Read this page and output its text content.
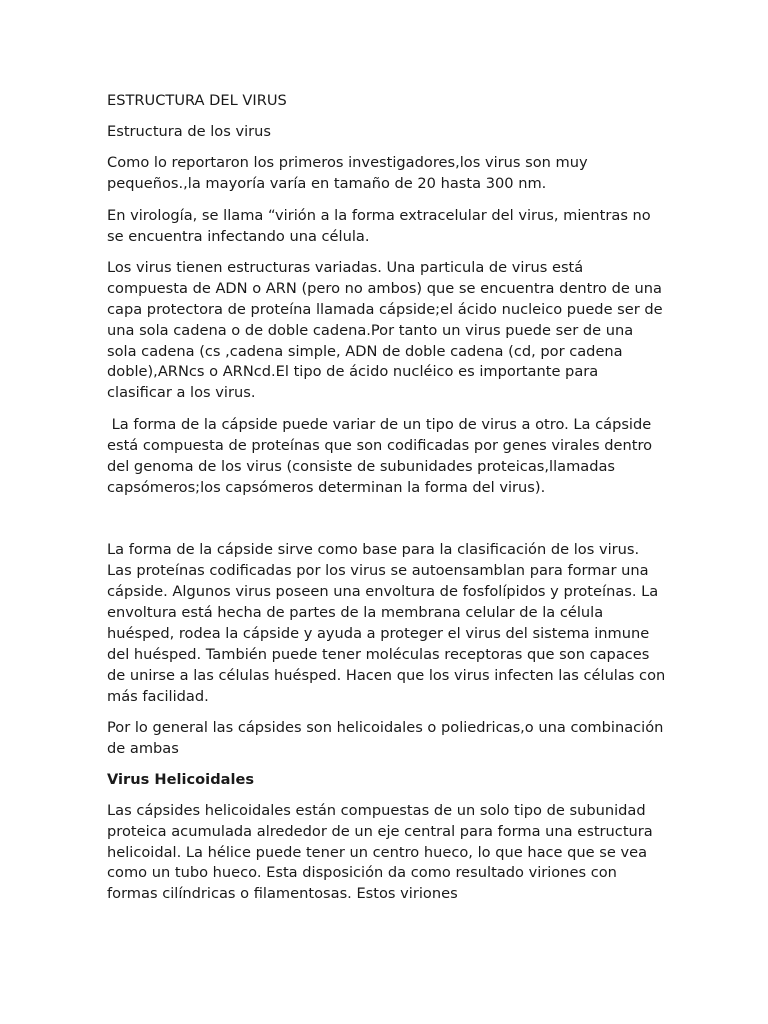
ESTRUCTURA DEL VIRUS

Estructura de los virus

Como lo reportaron los primeros investigadores,los virus son muy pequeños.,la mayoría varía en tamaño de 20 hasta 300 nm.

En virología, se llama “virión a la forma extracelular del virus, mientras no se encuentra infectando una célula.

Los virus tienen estructuras variadas. Una particula de virus está compuesta de ADN o ARN (pero no ambos) que se encuentra dentro de una capa protectora de proteína llamada cápside;el ácido nucleico puede ser de una sola cadena o de doble cadena.Por tanto un virus puede ser de una sola cadena (cs ,cadena simple, ADN de doble cadena (cd, por cadena doble),ARNcs o ARNcd.El tipo de ácido nucléico es importante para clasificar a los virus.

La forma de la cápside puede variar de un tipo de virus a otro. La cápside está compuesta de proteínas que son codificadas por genes virales dentro del genoma de los virus (consiste de subunidades proteicas,llamadas capsómeros;los capsómeros determinan la forma del virus).

La forma de la cápside sirve como base para la clasificación de los virus. Las proteínas codificadas por los virus se autoensamblan para formar una cápside. Algunos virus poseen una envoltura de fosfolípidos y proteínas. La envoltura está hecha de partes de la membrana celular de la célula huésped, rodea la cápside y ayuda a proteger el virus del sistema inmune del huésped. También puede tener moléculas receptoras que son capaces de unirse a las células huésped. Hacen que los virus infecten las células con más facilidad.

Por lo general las cápsides son helicoidales o poliedricas,o una combinación de ambas

Virus Helicoidales

Las cápsides helicoidales están compuestas de un solo tipo de subunidad proteica acumulada alrededor de un eje central para forma una estructura helicoidal. La hélice puede tener un centro hueco, lo que hace que se vea como un tubo hueco. Esta disposición da como resultado viriones con formas cilíndricas o filamentosas. Estos viriones
